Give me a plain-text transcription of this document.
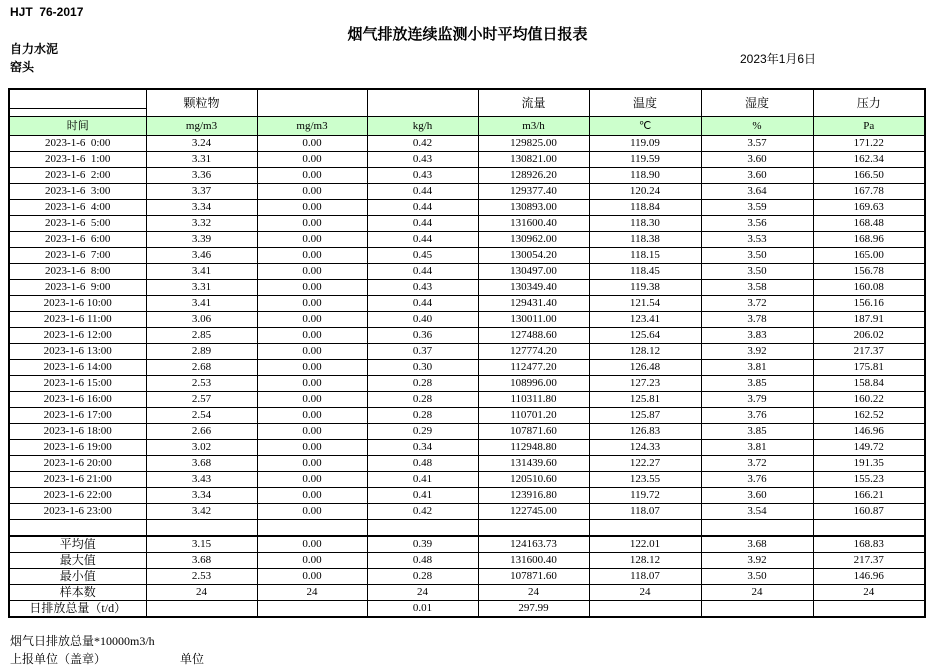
HJT  76-2017
烟气排放连续监测小时平均值日报表
自力水泥
窑头
2023年1月6日
	颗粒物			流量	温度	湿度	压力

时间	mg/m3	mg/m3	kg/h	m3/h	℃	%	Pa
2023-1-6  0:00	3.24	0.00	0.42	129825.00	119.09	3.57	171.22
2023-1-6  1:00	3.31	0.00	0.43	130821.00	119.59	3.60	162.34
2023-1-6  2:00	3.36	0.00	0.43	128926.20	118.90	3.60	166.50
2023-1-6  3:00	3.37	0.00	0.44	129377.40	120.24	3.64	167.78
2023-1-6  4:00	3.34	0.00	0.44	130893.00	118.84	3.59	169.63
2023-1-6  5:00	3.32	0.00	0.44	131600.40	118.30	3.56	168.48
2023-1-6  6:00	3.39	0.00	0.44	130962.00	118.38	3.53	168.96
2023-1-6  7:00	3.46	0.00	0.45	130054.20	118.15	3.50	165.00
2023-1-6  8:00	3.41	0.00	0.44	130497.00	118.45	3.50	156.78
2023-1-6  9:00	3.31	0.00	0.43	130349.40	119.38	3.58	160.08
2023-1-6 10:00	3.41	0.00	0.44	129431.40	121.54	3.72	156.16
2023-1-6 11:00	3.06	0.00	0.40	130011.00	123.41	3.78	187.91
2023-1-6 12:00	2.85	0.00	0.36	127488.60	125.64	3.83	206.02
2023-1-6 13:00	2.89	0.00	0.37	127774.20	128.12	3.92	217.37
2023-1-6 14:00	2.68	0.00	0.30	112477.20	126.48	3.81	175.81
2023-1-6 15:00	2.53	0.00	0.28	108996.00	127.23	3.85	158.84
2023-1-6 16:00	2.57	0.00	0.28	110311.80	125.81	3.79	160.22
2023-1-6 17:00	2.54	0.00	0.28	110701.20	125.87	3.76	162.52
2023-1-6 18:00	2.66	0.00	0.29	107871.60	126.83	3.85	146.96
2023-1-6 19:00	3.02	0.00	0.34	112948.80	124.33	3.81	149.72
2023-1-6 20:00	3.68	0.00	0.48	131439.60	122.27	3.72	191.35
2023-1-6 21:00	3.43	0.00	0.41	120510.60	123.55	3.76	155.23
2023-1-6 22:00	3.34	0.00	0.41	123916.80	119.72	3.60	166.21
2023-1-6 23:00	3.42	0.00	0.42	122745.00	118.07	3.54	160.87

平均值	3.15	0.00	0.39	124163.73	122.01	3.68	168.83
最大值	3.68	0.00	0.48	131600.40	128.12	3.92	217.37
最小值	2.53	0.00	0.28	107871.60	118.07	3.50	146.96
样本数	24	24	24	24	24	24	24
日排放总量（t/d）			0.01	297.99			
烟气日排放总量*10000m3/h
上报单位（盖章）	单位
